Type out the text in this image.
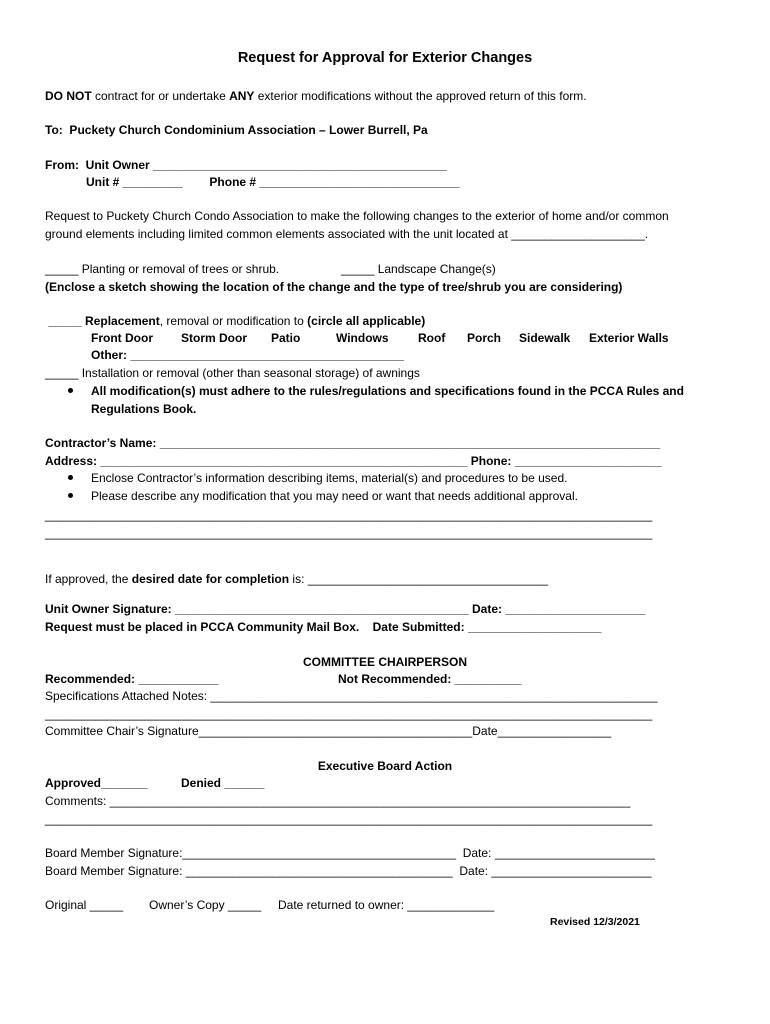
Request for Approval for Exterior Changes
DO NOT contract for or undertake ANY exterior modifications without the approved return of this form.
To:  Puckety Church Condominium Association – Lower Burrell, Pa
From:  Unit Owner ____________________________________________
Unit # _________        Phone # ______________________________
Request to Puckety Church Condo Association to make the following changes to the exterior of home and/or common
ground elements including limited common elements associated with the unit located at ____________________.
_____ Planting or removal of trees or shrub.	_____ Landscape Change(s)
(Enclose a sketch showing the location of the change and the type of tree/shrub you are considering)
_____ Replacement, removal or modification to (circle all applicable)
Front Door Storm Door Patio	Windows Roof Porch Sidewalk Exterior Walls
Other: _________________________________________
_____ Installation or removal (other than seasonal storage) of awnings
All modification(s) must adhere to the rules/regulations and specifications found in the PCCA Rules and
Regulations Book.
Contractor’s Name: ___________________________________________________________________________
Address: _______________________________________________________ Phone: ______________________
Enclose Contractor’s information describing items, material(s) and procedures to be used.
Please describe any modification that you may need or want that needs additional approval.
___________________________________________________________________________________________
___________________________________________________________________________________________
If approved, the desired date for completion is: ____________________________________
Unit Owner Signature: ____________________________________________ Date: _____________________
Request must be placed in PCCA Community Mail Box.    Date Submitted: ____________________
COMMITTEE CHAIRPERSON
Recommended: ____________	Not Recommended: __________
Specifications Attached Notes: ___________________________________________________________________
___________________________________________________________________________________________
Committee Chair’s Signature_________________________________________Date_________________
Executive Board Action
Approved_______	Denied ______
Comments: ______________________________________________________________________________
___________________________________________________________________________________________
Board Member Signature:_________________________________________  Date: ________________________
Board Member Signature: ________________________________________  Date: ________________________
Original _____ Owner’s Copy _____ Date returned to owner: _____________
Revised 12/3/2021
